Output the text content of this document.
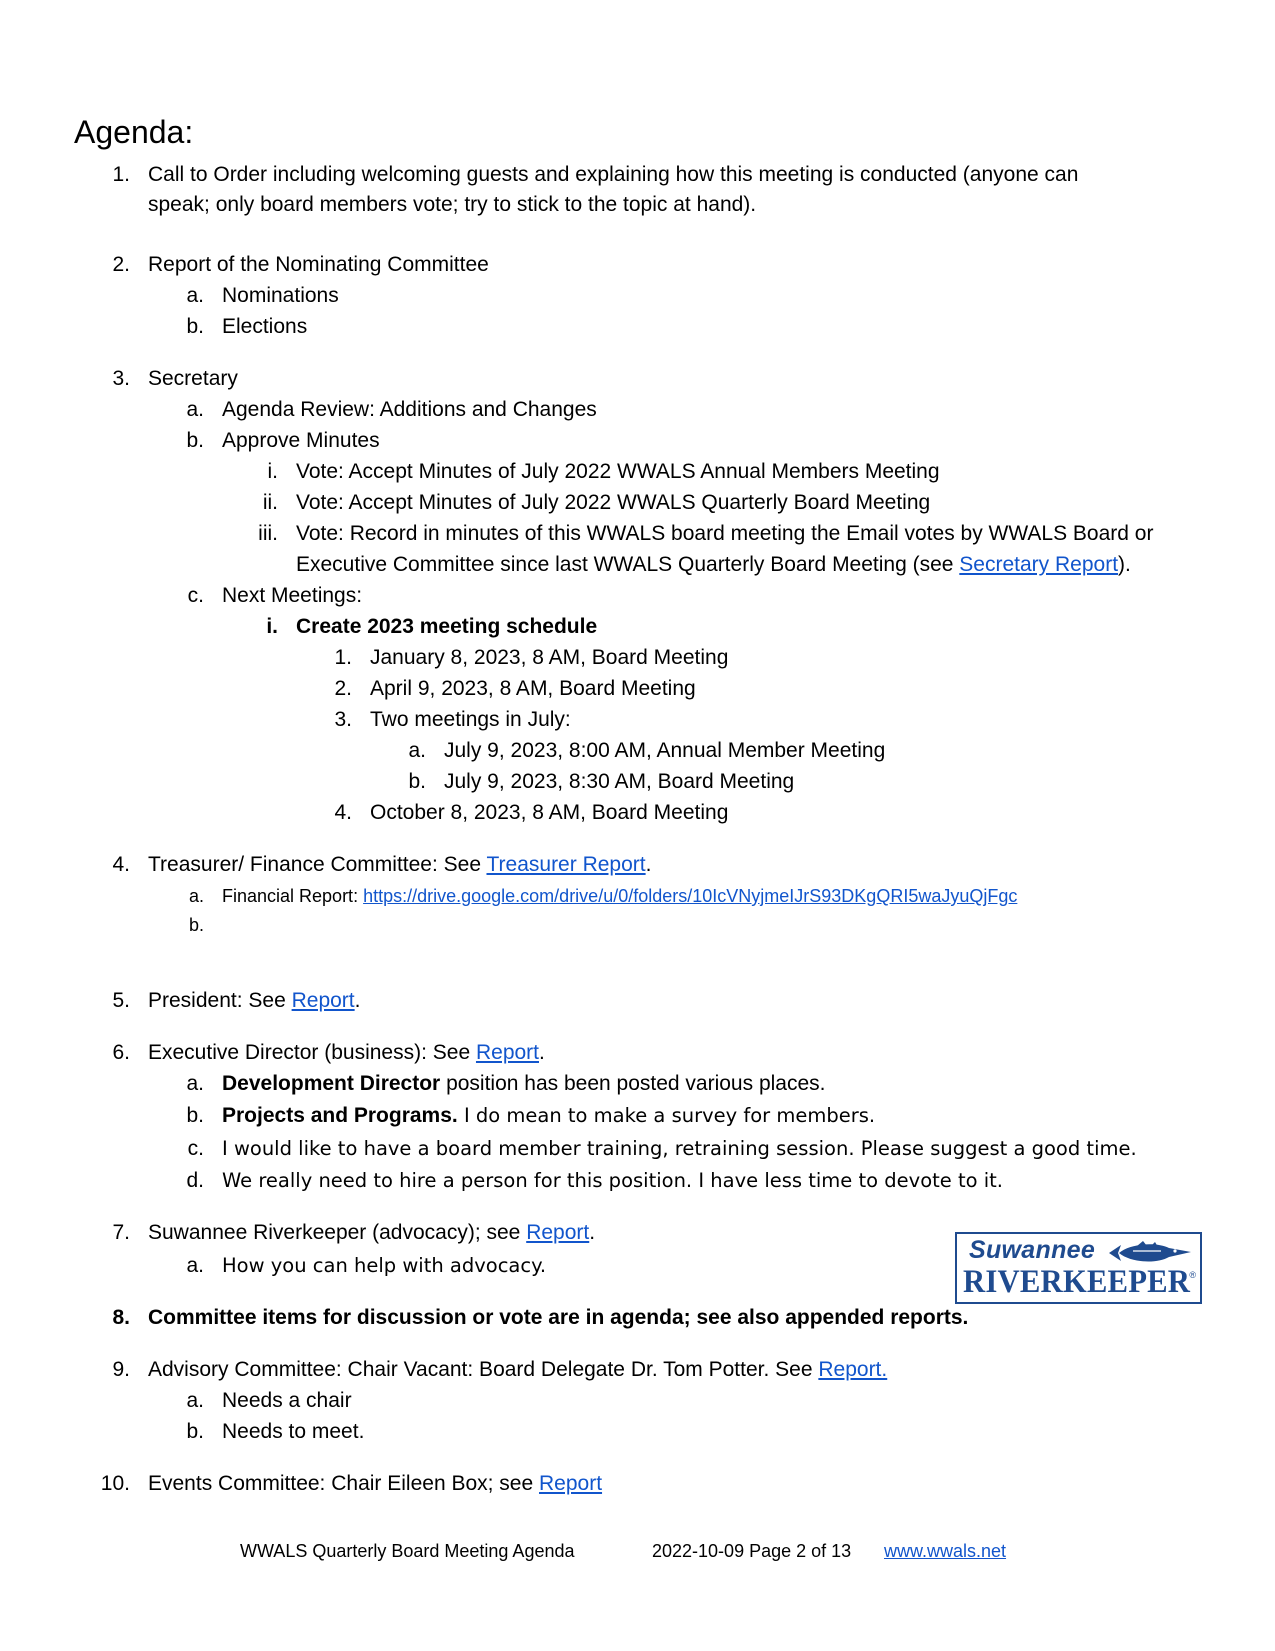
Agenda:
1. Call to Order including welcoming guests and explaining how this meeting is conducted (anyone can
speak; only board members vote; try to stick to the topic at hand).
2. Report of the Nominating Committee
a. Nominations
b. Elections
3. Secretary
a. Agenda Review: Additions and Changes
b. Approve Minutes
i. Vote: Accept Minutes of July 2022 WWALS Annual Members Meeting
ii. Vote: Accept Minutes of July 2022 WWALS Quarterly Board Meeting
iii. Vote: Record in minutes of this WWALS board meeting the Email votes by WWALS Board or
Executive Committee since last WWALS Quarterly Board Meeting (see Secretary Report).
c. Next Meetings:
i. Create 2023 meeting schedule
1. January 8, 2023, 8 AM, Board Meeting
2. April 9, 2023, 8 AM, Board Meeting
3. Two meetings in July:
a. July 9, 2023, 8:00 AM, Annual Member Meeting
b. July 9, 2023, 8:30 AM, Board Meeting
4. October 8, 2023, 8 AM, Board Meeting
4. Treasurer/ Finance Committee: See Treasurer Report.
a. Financial Report: https://drive.google.com/drive/u/0/folders/10IcVNyjmeIJrS93DKgQRI5waJyuQjFgc
b.
5. President: See Report.
6. Executive Director (business): See Report.
a. Development Director position has been posted various places.
b. Projects and Programs. I do mean to make a survey for members.
c. I would like to have a board member training, retraining session. Please suggest a good time.
d. We really need to hire a person for this position. I have less time to devote to it.
7. Suwannee Riverkeeper (advocacy); see Report.
a. How you can help with advocacy.
Suwannee
RIVERKEEPER ®
8. Committee items for discussion or vote are in agenda; see also appended reports.
9. Advisory Committee: Chair Vacant: Board Delegate Dr. Tom Potter. See Report.
a. Needs a chair
b. Needs to meet.
10. Events Committee: Chair Eileen Box; see Report
WWALS Quarterly Board Meeting Agenda	2022-10-09 Page 2 of 13 www.wwals.net
